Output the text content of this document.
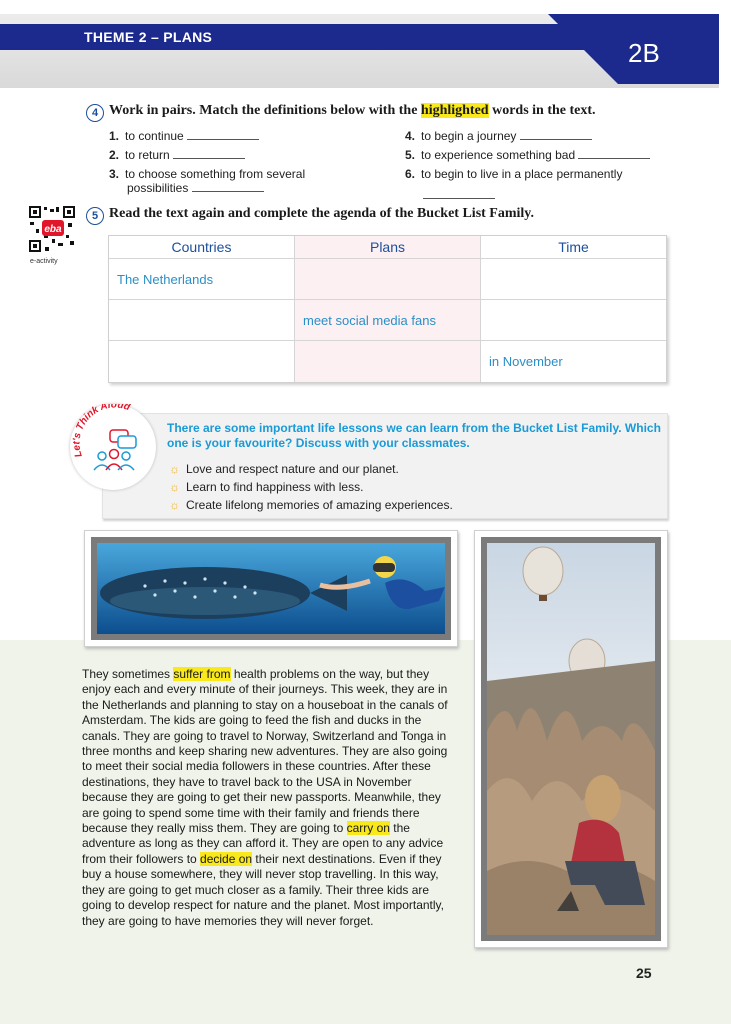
THEME 2 – PLANS
2B
4 Work in pairs. Match the definitions below with the highlighted words in the text.
1. to continue
2. to return
3. to choose something from several
possibilities
4. to begin a journey
5. to experience something bad
6. to begin to live in a place permanently
eba
e-activity
5 Read the text again and complete the agenda of the Bucket List Family.
Countries	Plans	Time
The Netherlands
meet social media fans
in November
Let's Think Aloud
There are some important life lessons we can learn from the Bucket List Family. Which one is your favourite? Discuss with your classmates.
☼ Love and respect nature and our planet.
☼ Learn to find happiness with less.
☼ Create lifelong memories of amazing experiences.
They sometimes suffer from health problems on the way, but they enjoy each and every minute of their journeys. This week, they are in the Netherlands and planning to stay on a houseboat in the canals of Amsterdam. The kids are going to feed the fish and ducks in the canals. They are going to travel to Norway, Switzerland and Tonga in three months and keep sharing new adventures. They are also going to meet their social media followers in these countries. After these destinations, they have to travel back to the USA in November because they are going to get their new passports. Meanwhile, they are going to spend some time with their family and friends there because they really miss them. They are going to carry on the adventure as long as they can afford it. They are open to any advice from their followers to decide on their next destinations. Even if they buy a house somewhere, they will never stop travelling. In this way, they are going to get much closer as a family. Their three kids are going to develop respect for nature and the planet. Most importantly, they are going to have memories they will never forget.
25
